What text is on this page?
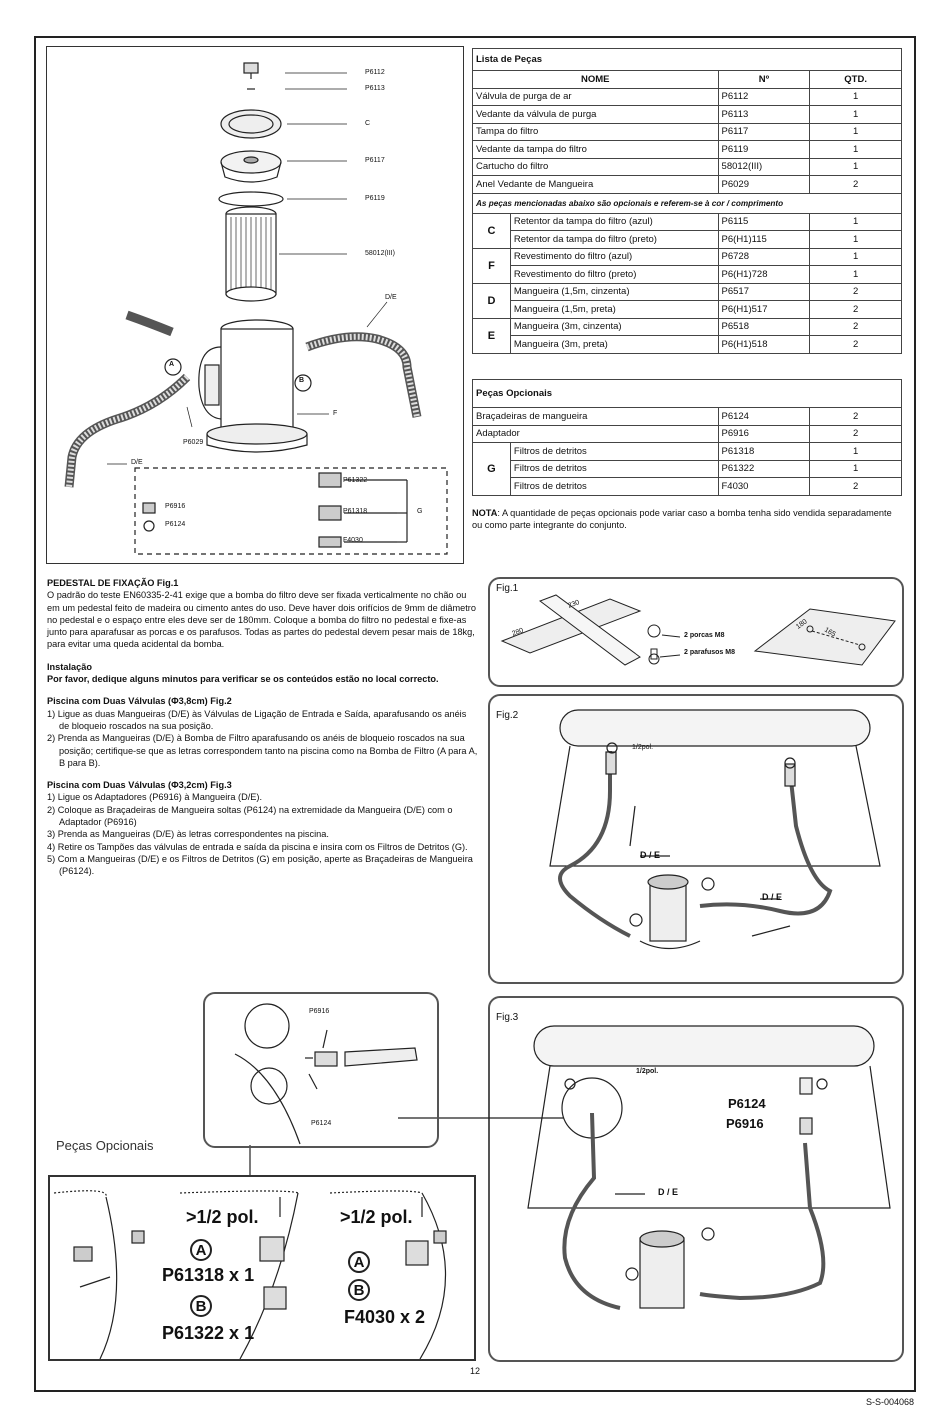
P6112
P6113
C
P6117
P6119
58012(III)
D/E
P6029
F
D/E
P61322
P6916
P61318	G
P6124
F4030
A
B
Lista de Peças			
NOME		Nº	QTD.
Válvula de purga de ar		P6112	1
Vedante da válvula de purga		P6113	1
Tampa do filtro		P6117	1
Vedante da tampa do filtro		P6119	1
Cartucho do filtro		58012(III)	1
Anel Vedante de Mangueira		P6029	2
As peças mencionadas abaixo são opcionais e referem-se à cor / comprimento			
C	Retentor da tampa do filtro (azul)	P6115	1
	Retentor da tampa do filtro (preto)	P6(H1)115	1
F	Revestimento do filtro (azul)	P6728	1
	Revestimento do filtro (preto)	P6(H1)728	1
D	Mangueira (1,5m, cinzenta)	P6517	2
	Mangueira (1,5m, preta)	P6(H1)517	2
E	Mangueira (3m, cinzenta)	P6518	2
	Mangueira (3m, preta)	P6(H1)518	2
Peças Opcionais			
Braçadeiras de mangueira		P6124	2
Adaptador		P6916	2
G	Filtros de detritos	P61318	1
	Filtros de detritos	P61322	1
	Filtros de detritos	F4030	2
NOTA: A quantidade de peças opcionais pode variar caso a bomba tenha sido vendida separadamente ou como parte integrante do conjunto.

PEDESTAL DE FIXAÇÃO Fig.1

O padrão do teste EN60335-2-41 exige que a bomba do filtro deve ser fixada verticalmente no chão ou em um pedestal feito de madeira ou cimento antes do uso. Deve haver dois orifícios de 9mm de diâmetro no pedestal e o espaço entre eles deve ser de 180mm. Coloque a bomba do filtro no pedestal e fixe-as junto para aparafusar as porcas e os parafusos. Todas as partes do pedestal devem pesar mais de 18kg, para evitar uma queda acidental da bomba.

Instalação

Por favor, dedique alguns minutos para verificar se os conteúdos estão no local correcto.

Piscina com Duas Válvulas (Φ3,8cm) Fig.2

1) Ligue as duas Mangueiras (D/E) às Válvulas de Ligação de Entrada e Saída, aparafusando os anéis de bloqueio roscados na sua posição.

2) Prenda as Mangueiras (D/E) à Bomba de Filtro aparafusando os anéis de bloqueio roscados na sua posição; certifique-se que as letras correspondem tanto na piscina como na Bomba de Filtro (A para A, B para B).

Piscina com Duas Válvulas (Φ3,2cm) Fig.3

1) Ligue os Adaptadores (P6916) à Mangueira (D/E).

2) Coloque as Braçadeiras de Mangueira soltas (P6124) na extremidade da Mangueira (D/E) com o Adaptador (P6916)

3) Prenda as Mangueiras (D/E) às letras correspondentes na piscina.

4) Retire os Tampões das válvulas de entrada e saída da piscina e insira com os Filtros de Detritos (G).

5) Com a Mangueiras (D/E) e os Filtros de Detritos (G) em posição, aperte as Braçadeiras de Mangueira (P6124).

Fig.1
230
280
180
165
2 porcas M8
2 parafusos M8
Fig.2
1/2pol.
D / E
D / E
Fig.3
1/2pol.
P6124
P6916
D / E
P6916
P6124
Peças Opcionais
>1/2 pol.	>1/2 pol.
A
P61318 x 1
B
P61322 x 1
A
B
F4030 x 2
12
S-S-004068
